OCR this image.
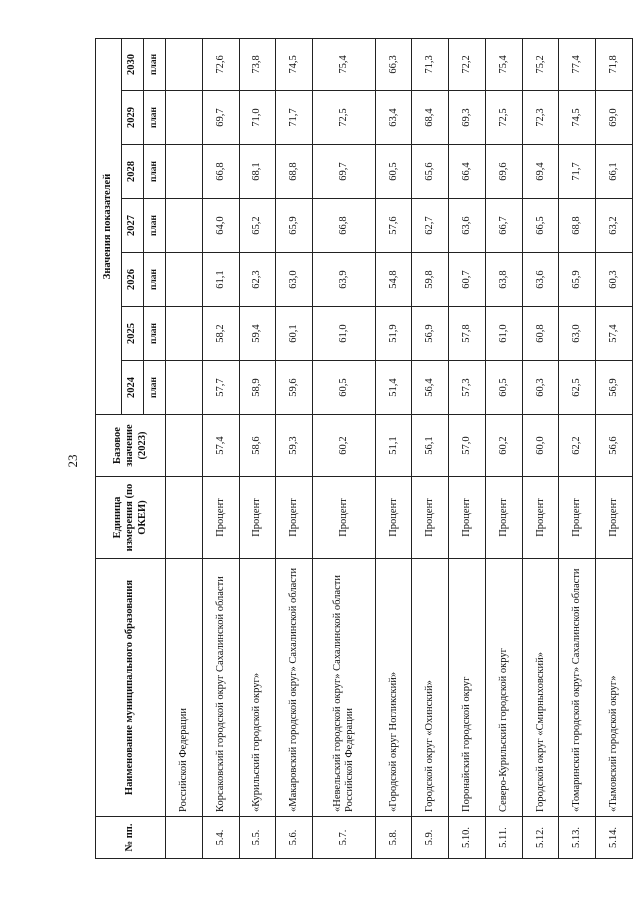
23
№ пп.	Наименование муниципального образования	Единица измерения (по ОКЕИ)	Базовое значение (2023)	Значения показателей						
				2024	2025	2026	2027	2028	2029	2030
				план	план	план	план	план	план	план
	Российской Федерации									
5.4.	Корсаковский городской округ Сахалинской области	Процент	57,4	57,7	58,2	61,1	64,0	66,8	69,7	72,6
5.5.	«Курильский городской округ»	Процент	58,6	58,9	59,4	62,3	65,2	68,1	71,0	73,8
5.6.	«Макаровский городской округ» Сахалинской области	Процент	59,3	59,6	60,1	63,0	65,9	68,8	71,7	74,5
5.7.	«Невельский городской округ» Сахалинской области Российской Федерации	Процент	60,2	60,5	61,0	63,9	66,8	69,7	72,5	75,4
5.8.	«Городской округ Ногликский»	Процент	51,1	51,4	51,9	54,8	57,6	60,5	63,4	66,3
5.9.	Городской округ «Охинский»	Процент	56,1	56,4	56,9	59,8	62,7	65,6	68,4	71,3
5.10.	Поронайский городской округ	Процент	57,0	57,3	57,8	60,7	63,6	66,4	69,3	72,2
5.11.	Северо-Курильский городской округ	Процент	60,2	60,5	61,0	63,8	66,7	69,6	72,5	75,4
5.12.	Городской округ «Смирныховский»	Процент	60,0	60,3	60,8	63,6	66,5	69,4	72,3	75,2
5.13.	«Томаринский городской округ» Сахалинской области	Процент	62,2	62,5	63,0	65,9	68,8	71,7	74,5	77,4
5.14.	«Тымовский городской округ»	Процент	56,6	56,9	57,4	60,3	63,2	66,1	69,0	71,8
